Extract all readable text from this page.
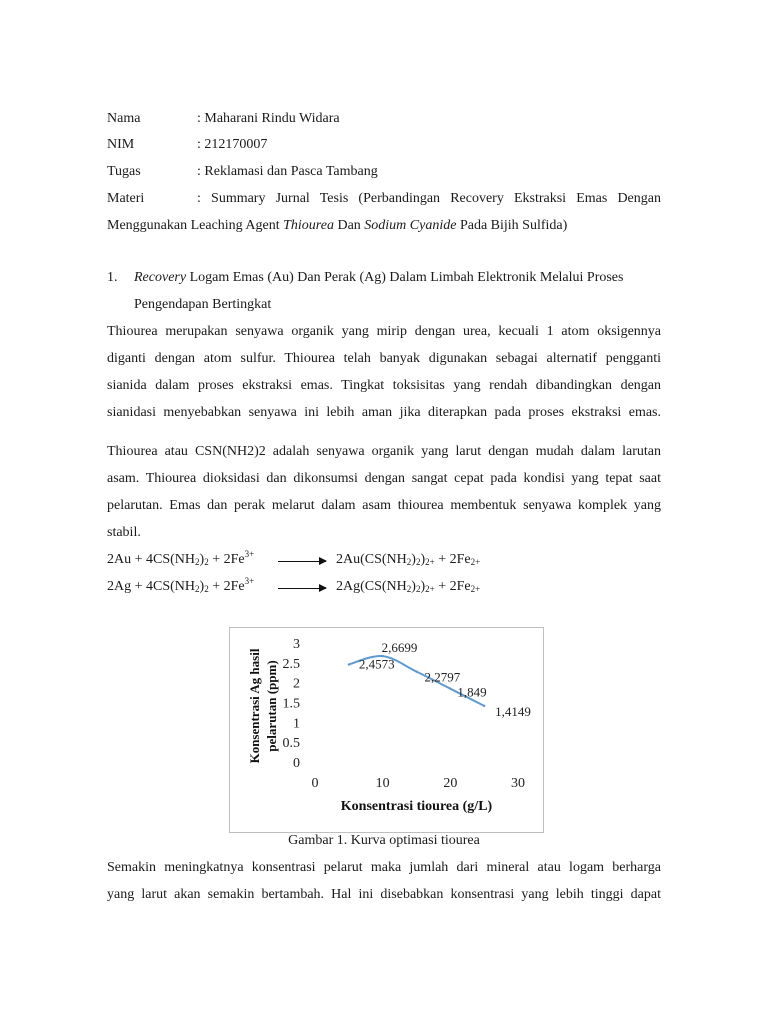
Nama	: Maharani Rindu Widara
NIM	: 212170007
Tugas	: Reklamasi dan Pasca Tambang
Materi	: Summary Jurnal Tesis (Perbandingan Recovery Ekstraksi Emas Dengan
Menggunakan Leaching Agent Thiourea Dan Sodium Cyanide Pada Bijih Sulfida)
1. Recovery Logam Emas (Au) Dan Perak (Ag) Dalam Limbah Elektronik Melalui Proses
Pengendapan Bertingkat
Thiourea merupakan senyawa organik yang mirip dengan urea, kecuali 1 atom oksigennya
diganti dengan atom sulfur. Thiourea telah banyak digunakan sebagai alternatif pengganti
sianida dalam proses ekstraksi emas. Tingkat toksisitas yang rendah dibandingkan dengan
sianidasi menyebabkan senyawa ini lebih aman jika diterapkan pada proses ekstraksi emas.
Thiourea atau CSN(NH2)2 adalah senyawa organik yang larut dengan mudah dalam larutan
asam. Thiourea dioksidasi dan dikonsumsi dengan sangat cepat pada kondisi yang tepat saat
pelarutan. Emas dan perak melarut dalam asam thiourea membentuk senyawa komplek yang
stabil.
$2Au + 4CS(NH_2)_2 + 2Fe^{3+} \to 2Au(CS(NH_2)_2)_{2+} + 2Fe_{2+}$
$2Ag + 4CS(NH_2)_2 + 2Fe^{3+} \to 2Ag(CS(NH_2)_2)_{2+} + 2Fe_{2+}$
0
0.5
1
1.5
2
2.5
3
0	10	20	30
2,4573
2,6699
2,2797
1,849
1,4149
Konsentrasi tiourea (g/L)
Konsentrasi Ag hasil pelarutan (ppm)
Gambar 1. Kurva optimasi tiourea
Semakin meningkatnya konsentrasi pelarut maka jumlah dari mineral atau logam berharga
yang larut akan semakin bertambah. Hal ini disebabkan konsentrasi yang lebih tinggi dapat
